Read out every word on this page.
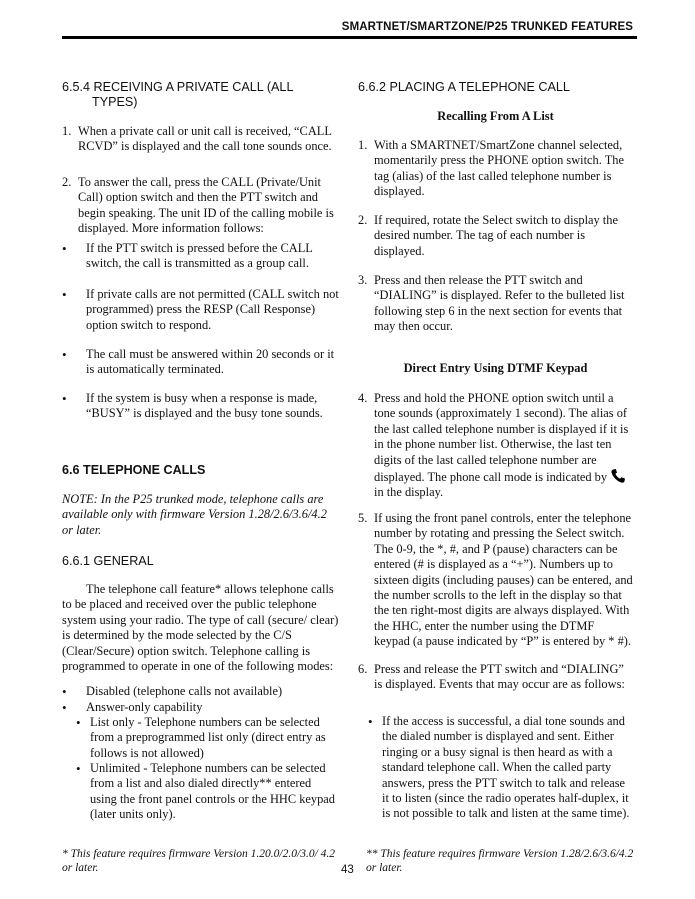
SMARTNET/SMARTZONE/P25 TRUNKED FEATURES
6.5.4 RECEIVING A PRIVATE CALL (ALL
TYPES)
1. When a private call or unit call is received, “CALL RCVD” is displayed and the call tone sounds once.
2. To answer the call, press the CALL (Private/Unit Call) option switch and then the PTT switch and begin speaking. The unit ID of the calling mobile is displayed. More information follows:
• If the PTT switch is pressed before the CALL switch, the call is transmitted as a group call.
• If private calls are not permitted (CALL switch not programmed) press the RESP (Call Response) option switch to respond.
• The call must be answered within 20 seconds or it is automatically terminated.
• If the system is busy when a response is made, “BUSY” is displayed and the busy tone sounds.
6.6 TELEPHONE CALLS
NOTE: In the P25 trunked mode, telephone calls are available only with firmware Version 1.28/2.6/3.6/4.2 or later.
6.6.1 GENERAL
The telephone call feature* allows telephone calls to be placed and received over the public telephone system using your radio. The type of call (secure/ clear) is determined by the mode selected by the C/S (Clear/Secure) option switch. Telephone calling is programmed to operate in one of the following modes:
• Disabled (telephone calls not available)
• Answer-only capability
• List only - Telephone numbers can be selected from a preprogrammed list only (direct entry as follows is not allowed)
• Unlimited - Telephone numbers can be selected from a list and also dialed directly** entered using the front panel controls or the HHC keypad (later units only).
6.6.2 PLACING A TELEPHONE CALL
Recalling From A List
1. With a SMARTNET/SmartZone channel selected, momentarily press the PHONE option switch. The tag (alias) of the last called telephone number is displayed.
2. If required, rotate the Select switch to display the desired number. The tag of each number is displayed.
3. Press and then release the PTT switch and “DIALING” is displayed. Refer to the bulleted list following step 6 in the next section for events that may then occur.
Direct Entry Using DTMF Keypad
4. Press and hold the PHONE option switch until a tone sounds (approximately 1 second). The alias of the last called telephone number is displayed if it is in the phone number list. Otherwise, the last ten digits of the last called telephone number are displayed. The phone call mode is indicated by  in the display.
5. If using the front panel controls, enter the telephone number by rotating and pressing the Select switch. The 0-9, the *, #, and P (pause) characters can be entered (# is displayed as a “+”). Numbers up to sixteen digits (including pauses) can be entered, and the number scrolls to the left in the display so that the ten right-most digits are always displayed. With the HHC, enter the number using the DTMF keypad (a pause indicated by “P” is entered by * #).
6. Press and release the PTT switch and “DIALING” is displayed. Events that may occur are as follows:
• If the access is successful, a dial tone sounds and the dialed number is displayed and sent. Either ringing or a busy signal is then heard as with a standard telephone call. When the called party answers, press the PTT switch to talk and release it to listen (since the radio operates half-duplex, it is not possible to talk and listen at the same time).
* This feature requires firmware Version 1.20.0/2.0/3.0/ 4.2 or later.
** This feature requires firmware Version 1.28/2.6/3.6/4.2 or later.
43
